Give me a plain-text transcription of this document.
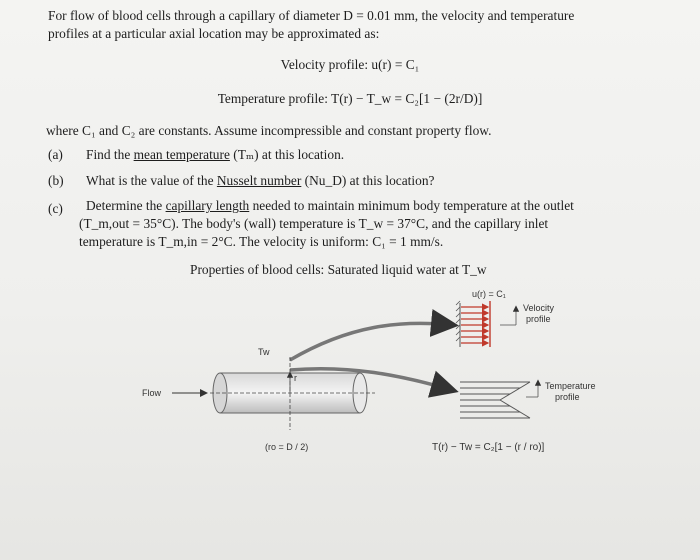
For flow of blood cells through a capillary of diameter D = 0.01 mm, the velocity and temperature
profiles at a particular axial location may be approximated as:
Velocity profile: u(r) = C₁
Temperature profile: T(r) − T_w = C₂[1 − (2r/D)]
where C₁ and C₂ are constants. Assume incompressible and constant property flow.
(a) Find the mean temperature (Tₘ) at this location.
(b) What is the value of the Nusselt number (Nu_D) at this location?
(c) Determine the capillary length needed to maintain minimum body temperature at the outlet
(T_m,out = 35°C). The body's (wall) temperature is T_w = 37°C, and the capillary inlet
temperature is T_m,in = 2°C. The velocity is uniform: C₁ = 1 mm/s.
Properties of blood cells: Saturated liquid water at T_w
u(r) = C₁
Velocity
profile
Temperature
profile
Flow
Tw
r
(ro = D / 2)	T(r) − Tw = C₂[1 − (r / ro)]
